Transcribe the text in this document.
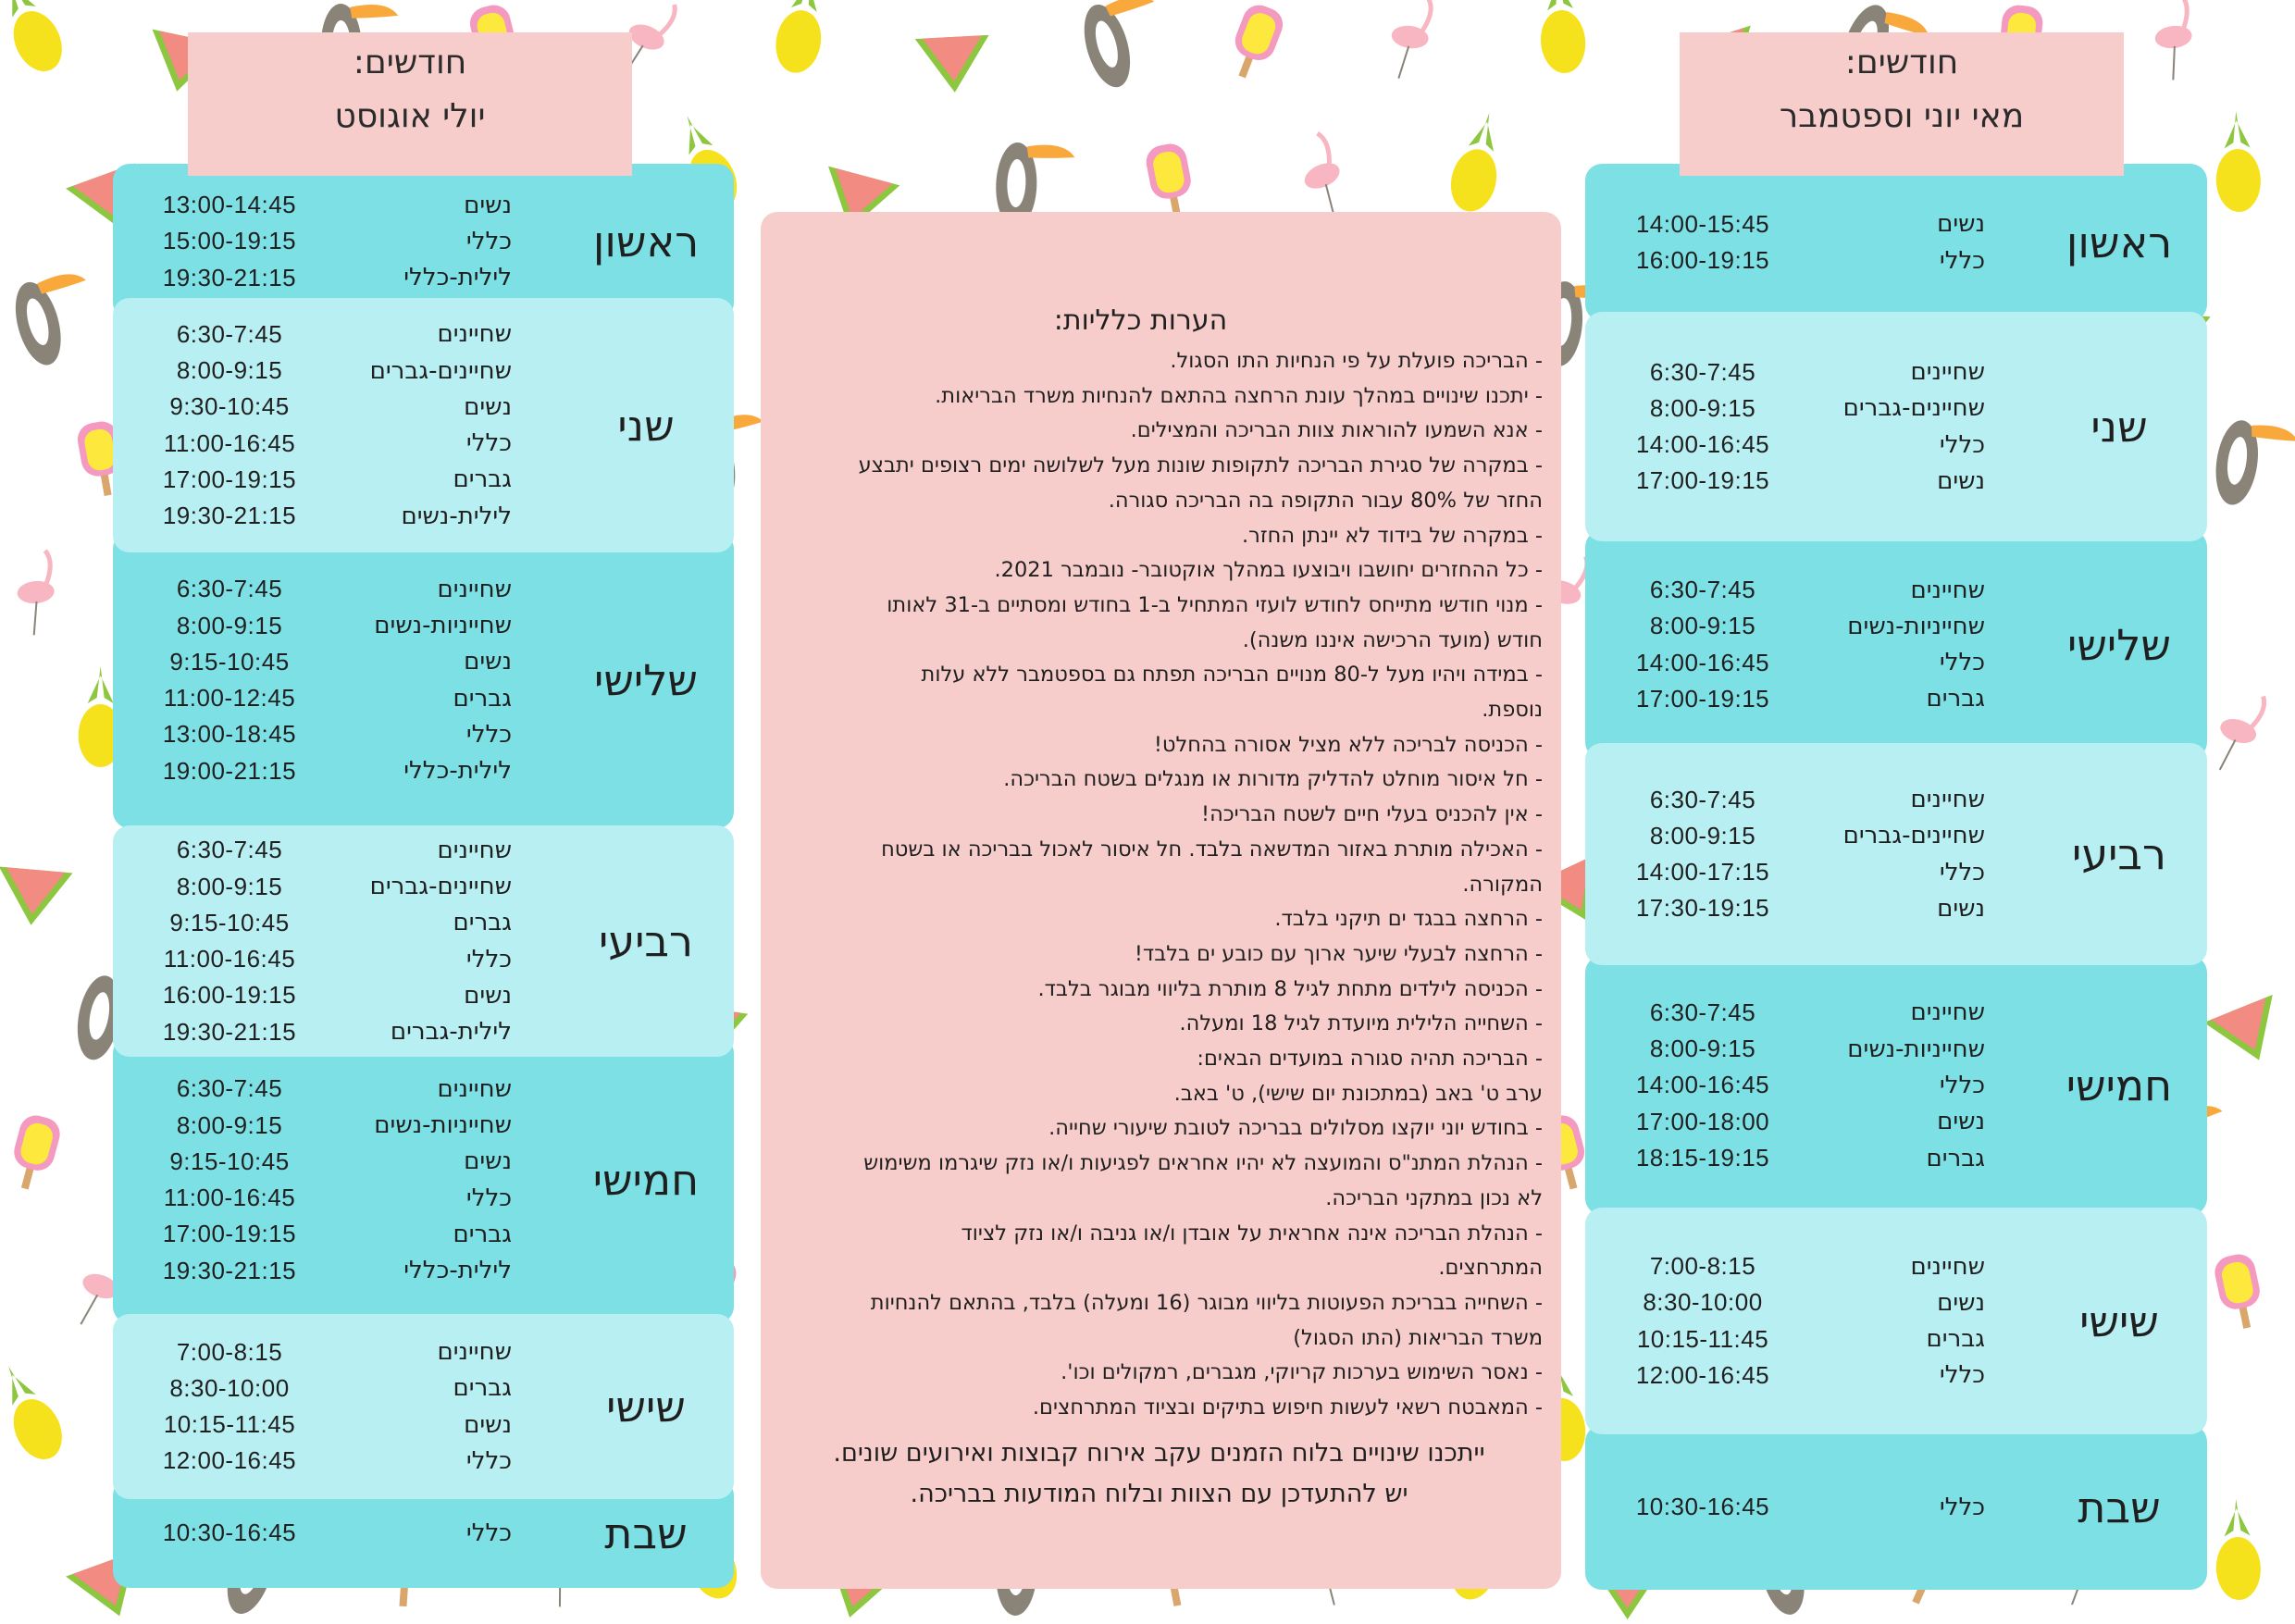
חודשים:
יולי אוגוסט
ראשון
נשים
13:00-14:45
כללי
15:00-19:15
לילית-כללי
19:30-21:15
שני
שחיינים
6:30-7:45
שחיינים-גברים
8:00-9:15
נשים
9:30-10:45
כללי
11:00-16:45
גברים
17:00-19:15
לילית-נשים
19:30-21:15
שלישי
שחיינים
6:30-7:45
שחייניות-נשים
8:00-9:15
נשים
9:15-10:45
גברים
11:00-12:45
כללי
13:00-18:45
לילית-כללי
19:00-21:15
רביעי
שחיינים
6:30-7:45
שחיינים-גברים
8:00-9:15
גברים
9:15-10:45
כללי
11:00-16:45
נשים
16:00-19:15
לילית-גברים
19:30-21:15
חמישי
שחיינים
6:30-7:45
שחייניות-נשים
8:00-9:15
נשים
9:15-10:45
כללי
11:00-16:45
גברים
17:00-19:15
לילית-כללי
19:30-21:15
שישי
שחיינים
7:00-8:15
גברים
8:30-10:00
נשים
10:15-11:45
כללי
12:00-16:45
שבת
כללי
10:30-16:45
הערות כלליות:
- הבריכה פועלת על פי הנחיות התו הסגול.
- יתכנו שינויים במהלך עונת הרחצה בהתאם להנחיות משרד הבריאות.
- אנא השמעו להוראות צוות הבריכה והמצילים.
- במקרה של סגירת הבריכה לתקופות שונות מעל לשלושה ימים רצופים יתבצע
החזר של 80% עבור התקופה בה הבריכה סגורה.
- במקרה של בידוד לא יינתן החזר.
- כל ההחזרים יחושבו ויבוצעו במהלך אוקטובר- נובמבר 2021.
- מנוי חודשי מתייחס לחודש לועזי המתחיל ב-1 בחודש ומסתיים ב-31 לאותו
חודש (מועד הרכישה איננו משנה).
- במידה ויהיו מעל ל-80 מנויים הבריכה תפתח גם בספטמבר ללא עלות
נוספת.
- הכניסה לבריכה ללא מציל אסורה בהחלט!
- חל איסור מוחלט להדליק מדורות או מנגלים בשטח הבריכה.
- אין להכניס בעלי חיים לשטח הבריכה!
- האכילה מותרת באזור המדשאה בלבד. חל איסור לאכול בבריכה או בשטח
המקורה.
- הרחצה בבגד ים תיקני בלבד.
- הרחצה לבעלי שיער ארוך עם כובע ים בלבד!
- הכניסה לילדים מתחת לגיל 8 מותרת בליווי מבוגר בלבד.
- השחייה הלילית מיועדת לגיל 18 ומעלה.
- הבריכה תהיה סגורה במועדים הבאים:
ערב ט' באב (במתכונת יום שישי), ט' באב.
- בחודש יוני יוקצו מסלולים בבריכה לטובת שיעורי שחייה.
- הנהלת המתנ"ס והמועצה לא יהיו אחראים לפגיעות ו/או נזק שיגרמו משימוש
לא נכון במתקני הבריכה.
- הנהלת הבריכה אינה אחראית על אובדן ו/או גניבה ו/או נזק לציוד
המתרחצים.
- השחייה בבריכת הפעוטות בליווי מבוגר (16 ומעלה) בלבד, בהתאם להנחיות
משרד הבריאות (התו הסגול)
- נאסר השימוש בערכות קריוקי, מגברים, רמקולים וכו'.
- המאבטח רשאי לעשות חיפוש בתיקים ובציוד המתרחצים.
ייתכנו שינויים בלוח הזמנים עקב אירוח קבוצות ואירועים שונים.
יש להתעדכן עם הצוות ובלוח המודעות בבריכה.
חודשים:
מאי יוני וספטמבר
ראשון
נשים
14:00-15:45
כללי
16:00-19:15
שני
שחיינים
6:30-7:45
שחיינים-גברים
8:00-9:15
כללי
14:00-16:45
נשים
17:00-19:15
שלישי
שחיינים
6:30-7:45
שחייניות-נשים
8:00-9:15
כללי
14:00-16:45
גברים
17:00-19:15
רביעי
שחיינים
6:30-7:45
שחיינים-גברים
8:00-9:15
כללי
14:00-17:15
נשים
17:30-19:15
חמישי
שחיינים
6:30-7:45
שחייניות-נשים
8:00-9:15
כללי
14:00-16:45
נשים
17:00-18:00
גברים
18:15-19:15
שישי
שחיינים
7:00-8:15
נשים
8:30-10:00
גברים
10:15-11:45
כללי
12:00-16:45
שבת
כללי
10:30-16:45
